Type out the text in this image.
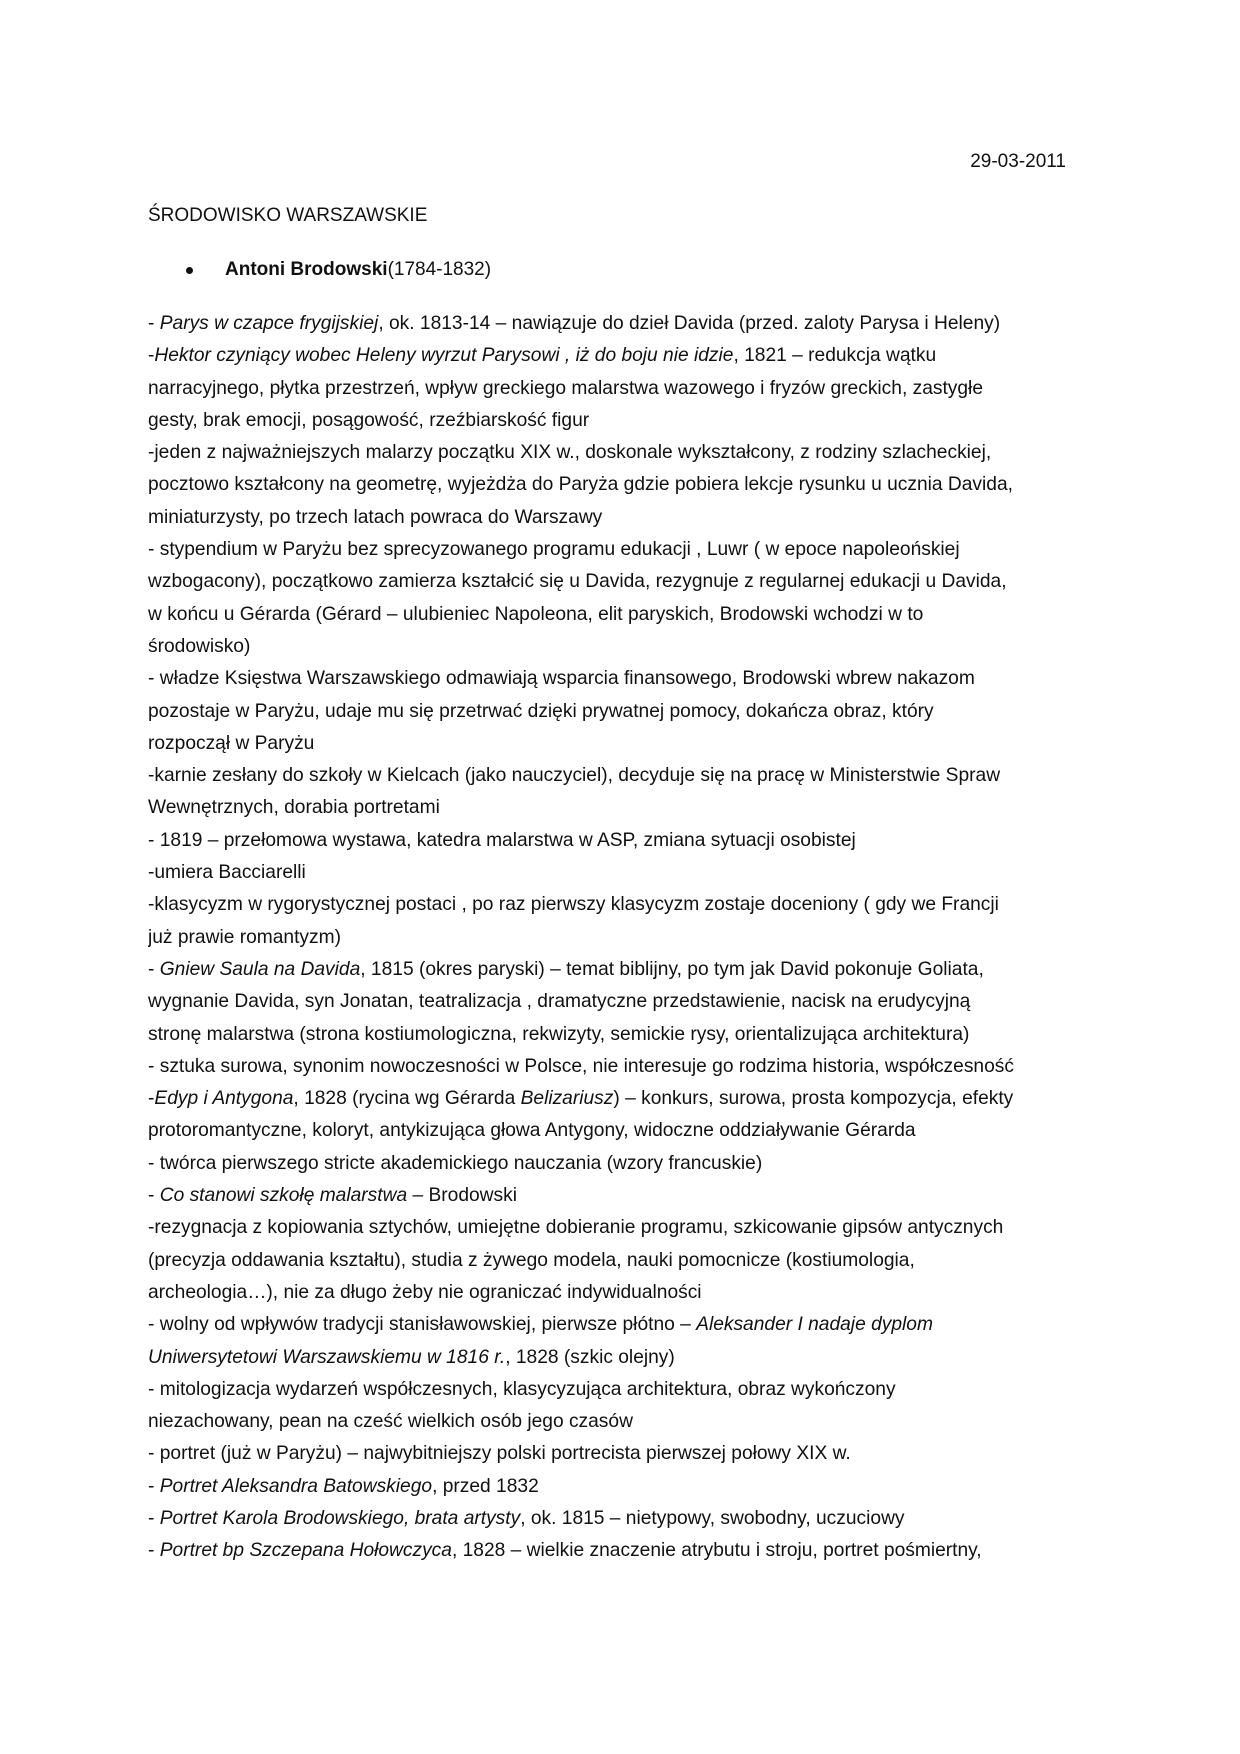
29-03-2011
ŚRODOWISKO WARSZAWSKIE
Antoni Brodowski (1784-1832)
- Parys w czapce frygijskiej, ok. 1813-14 – nawiązuje do dzieł Davida (przed. zaloty Parysa i Heleny)
-Hektor czyniący wobec Heleny wyrzut Parysowi , iż do boju nie idzie, 1821 – redukcja wątku
narracyjnego, płytka przestrzeń, wpływ greckiego malarstwa wazowego i fryzów greckich, zastygłe
gesty, brak emocji, posągowość, rzeźbiarskość figur
-jeden z najważniejszych malarzy początku XIX w., doskonale wykształcony, z rodziny szlacheckiej,
pocztowo kształcony na geometrę, wyjeżdża do Paryża gdzie pobiera lekcje rysunku u ucznia Davida,
miniaturzysty, po trzech latach powraca do Warszawy
- stypendium w Paryżu bez sprecyzowanego programu edukacji , Luwr ( w epoce napoleońskiej
wzbogacony), początkowo zamierza kształcić się u Davida, rezygnuje z regularnej edukacji u Davida,
w końcu u Gérarda (Gérard – ulubieniec Napoleona, elit paryskich, Brodowski wchodzi w to
środowisko)
- władze Księstwa Warszawskiego odmawiają wsparcia finansowego, Brodowski wbrew nakazom
pozostaje w Paryżu, udaje mu się przetrwać dzięki prywatnej pomocy, dokańcza obraz, który
rozpoczął w Paryżu
-karnie zesłany do szkoły w Kielcach (jako nauczyciel), decyduje się na pracę w Ministerstwie Spraw
Wewnętrznych, dorabia portretami
- 1819 – przełomowa wystawa, katedra malarstwa w ASP, zmiana sytuacji osobistej
-umiera Bacciarelli
-klasycyzm w rygorystycznej postaci , po raz pierwszy klasycyzm zostaje doceniony ( gdy we Francji
już prawie romantyzm)
- Gniew Saula na Davida, 1815 (okres paryski) – temat biblijny, po tym jak David pokonuje Goliata,
wygnanie Davida, syn Jonatan, teatralizacja , dramatyczne przedstawienie, nacisk na erudycyjną
stronę malarstwa (strona kostiumologiczna, rekwizyty, semickie rysy, orientalizująca architektura)
- sztuka surowa, synonim nowoczesności w Polsce, nie interesuje go rodzima historia, współczesność
-Edyp i Antygona, 1828 (rycina wg Gérarda Belizariusz) – konkurs, surowa, prosta kompozycja, efekty
protoromantyczne, koloryt, antykizująca głowa Antygony, widoczne oddziaływanie Gérarda
- twórca pierwszego stricte akademickiego nauczania (wzory francuskie)
- Co stanowi szkołę malarstwa – Brodowski
-rezygnacja z kopiowania sztychów, umiejętne dobieranie programu, szkicowanie gipsów antycznych
(precyzja oddawania kształtu), studia z żywego modela, nauki pomocnicze (kostiumologia,
archeologia…), nie za długo żeby nie ograniczać indywidualności
- wolny od wpływów tradycji stanisławowskiej, pierwsze płótno – Aleksander I nadaje dyplom
Uniwersytetowi Warszawskiemu w 1816 r., 1828 (szkic olejny)
- mitologizacja wydarzeń współczesnych, klasycyzująca architektura, obraz wykończony
niezachowany, pean na cześć wielkich osób jego czasów
- portret (już w Paryżu) – najwybitniejszy polski portrecista pierwszej połowy XIX w.
- Portret Aleksandra Batowskiego, przed 1832
- Portret Karola Brodowskiego, brata artysty, ok. 1815 – nietypowy, swobodny, uczuciowy
- Portret bp Szczepana Hołowczyca, 1828 – wielkie znaczenie atrybutu i stroju, portret pośmiertny,
